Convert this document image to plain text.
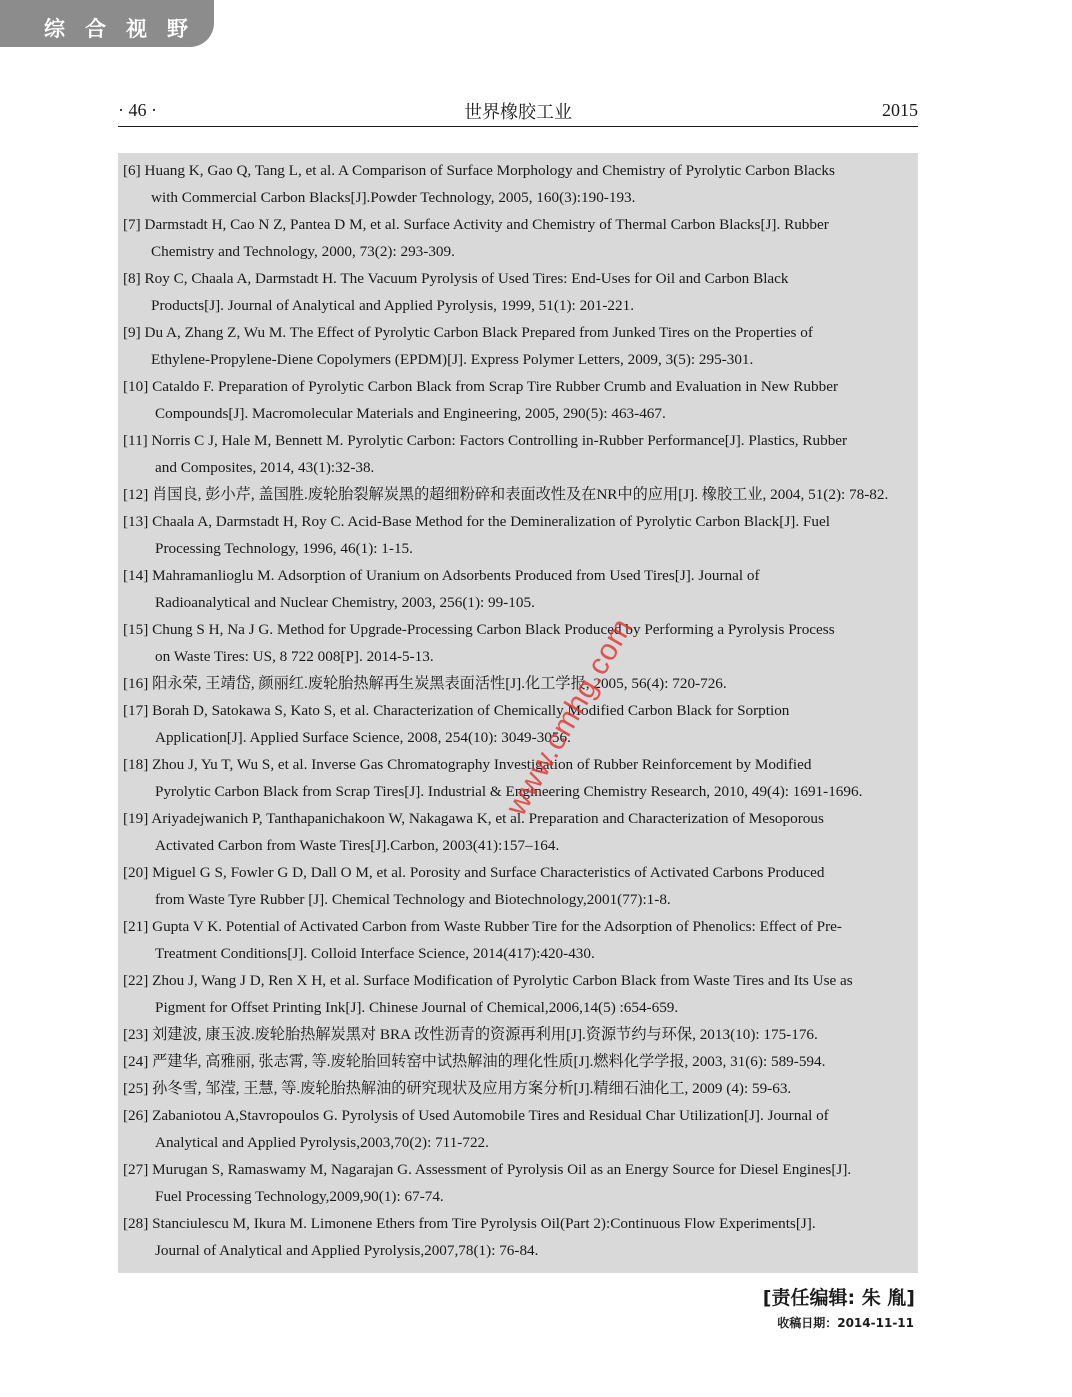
综合视野
· 46 ·	世界橡胶工业	2015
[6] Huang K, Gao Q, Tang L, et al. A Comparison of Surface Morphology and Chemistry of Pyrolytic Carbon Blacks
with Commercial Carbon Blacks[J].Powder Technology, 2005, 160(3):190-193.
[7] Darmstadt H, Cao N Z, Pantea D M, et al. Surface Activity and Chemistry of Thermal Carbon Blacks[J]. Rubber
Chemistry and Technology, 2000, 73(2): 293-309.
[8] Roy C, Chaala A, Darmstadt H. The Vacuum Pyrolysis of Used Tires: End-Uses for Oil and Carbon Black
Products[J]. Journal of Analytical and Applied Pyrolysis, 1999, 51(1): 201-221.
[9] Du A, Zhang Z, Wu M. The Effect of Pyrolytic Carbon Black Prepared from Junked Tires on the Properties of
Ethylene-Propylene-Diene Copolymers (EPDM)[J]. Express Polymer Letters, 2009, 3(5): 295-301.
[10] Cataldo F. Preparation of Pyrolytic Carbon Black from Scrap Tire Rubber Crumb and Evaluation in New Rubber
Compounds[J]. Macromolecular Materials and Engineering, 2005, 290(5): 463-467.
[11] Norris C J, Hale M, Bennett M. Pyrolytic Carbon: Factors Controlling in-Rubber Performance[J]. Plastics, Rubber
and Composites, 2014, 43(1):32-38.
[12] 肖国良, 彭小芹, 盖国胜.废轮胎裂解炭黑的超细粉碎和表面改性及在NR中的应用[J]. 橡胶工业, 2004, 51(2): 78-82.
[13] Chaala A, Darmstadt H, Roy C. Acid-Base Method for the Demineralization of Pyrolytic Carbon Black[J]. Fuel
Processing Technology, 1996, 46(1): 1-15.
[14] Mahramanlioglu M. Adsorption of Uranium on Adsorbents Produced from Used Tires[J]. Journal of
Radioanalytical and Nuclear Chemistry, 2003, 256(1): 99-105.
[15] Chung S H, Na J G. Method for Upgrade-Processing Carbon Black Produced by Performing a Pyrolysis Process
on Waste Tires: US, 8 722 008[P]. 2014-5-13.
[16] 阳永荣, 王靖岱, 颜丽红.废轮胎热解再生炭黑表面活性[J].化工学报, 2005, 56(4): 720-726.
[17] Borah D, Satokawa S, Kato S, et al. Characterization of Chemically Modified Carbon Black for Sorption
Application[J]. Applied Surface Science, 2008, 254(10): 3049-3056.
[18] Zhou J, Yu T, Wu S, et al. Inverse Gas Chromatography Investigation of Rubber Reinforcement by Modified
Pyrolytic Carbon Black from Scrap Tires[J]. Industrial & Engineering Chemistry Research, 2010, 49(4): 1691-1696.
[19] Ariyadejwanich P, Tanthapanichakoon W, Nakagawa K, et al. Preparation and Characterization of Mesoporous
Activated Carbon from Waste Tires[J].Carbon, 2003(41):157–164.
[20] Miguel G S, Fowler G D, Dall O M, et al. Porosity and Surface Characteristics of Activated Carbons Produced
from Waste Tyre Rubber [J]. Chemical Technology and Biotechnology,2001(77):1-8.
[21] Gupta V K. Potential of Activated Carbon from Waste Rubber Tire for the Adsorption of Phenolics: Effect of Pre-
Treatment Conditions[J]. Colloid Interface Science, 2014(417):420-430.
[22] Zhou J, Wang J D, Ren X H, et al. Surface Modification of Pyrolytic Carbon Black from Waste Tires and Its Use as
Pigment for Offset Printing Ink[J]. Chinese Journal of Chemical,2006,14(5) :654-659.
[23] 刘建波, 康玉波.废轮胎热解炭黑对 BRA 改性沥青的资源再利用[J].资源节约与环保, 2013(10): 175-176.
[24] 严建华, 高雅丽, 张志霄, 等.废轮胎回转窑中试热解油的理化性质[J].燃料化学学报, 2003, 31(6): 589-594.
[25] 孙冬雪, 邹滢, 王慧, 等.废轮胎热解油的研究现状及应用方案分析[J].精细石油化工, 2009 (4): 59-63.
[26] Zabaniotou A,Stavropoulos G. Pyrolysis of Used Automobile Tires and Residual Char Utilization[J]. Journal of
Analytical and Applied Pyrolysis,2003,70(2): 711-722.
[27] Murugan S, Ramaswamy M, Nagarajan G. Assessment of Pyrolysis Oil as an Energy Source for Diesel Engines[J].
Fuel Processing Technology,2009,90(1): 67-74.
[28] Stanciulescu M, Ikura M. Limonene Ethers from Tire Pyrolysis Oil(Part 2):Continuous Flow Experiments[J].
Journal of Analytical and Applied Pyrolysis,2007,78(1): 76-84.
www.cmhg.com
[责任编辑: 朱 胤]
收稿日期：2014-11-11
